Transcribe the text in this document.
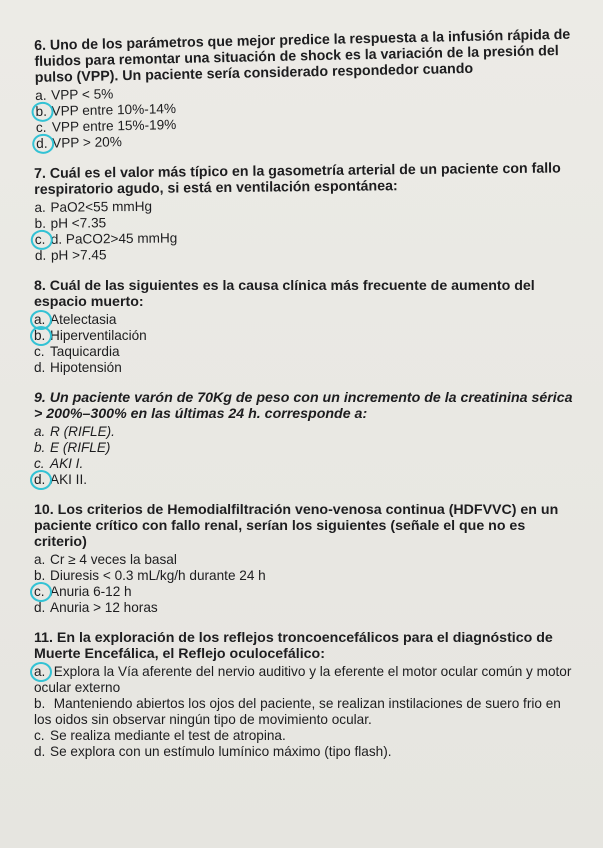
6. Uno de los parámetros que mejor predice la respuesta a la infusión rápida de fluidos para remontar una situación de shock es la variación de la presión del pulso (VPP). Un paciente sería considerado respondedor cuando
a. VPP < 5%
b. VPP entre 10%-14%
c. VPP entre 15%-19%
d. VPP > 20%
7. Cuál es el valor más típico en la gasometría arterial de un paciente con fallo respiratorio agudo, si está en ventilación espontánea:
a. PaO2<55 mmHg
b. pH <7.35
c. d. PaCO2>45 mmHg
d. pH >7.45
8. Cuál de las siguientes es la causa clínica más frecuente de aumento del espacio muerto:
a. Atelectasia
b. Hiperventilación
c. Taquicardia
d. Hipotensión
9. Un paciente varón de 70Kg de peso con un incremento de la creatinina sérica > 200%–300% en las últimas 24 h. corresponde a:
a. R (RIFLE).
b. E (RIFLE)
c. AKI I.
d. AKI II.
10. Los criterios de Hemodialfiltración veno-venosa continua (HDFVVC) en un paciente crítico con fallo renal, serían los siguientes (señale el que no es criterio)
a. Cr ≥ 4 veces la basal
b. Diuresis < 0.3 mL/kg/h durante 24 h
c. Anuria 6-12 h
d. Anuria > 12 horas
11. En la exploración de los reflejos troncoencefálicos para el diagnóstico de Muerte Encefálica, el Reflejo oculocefálico:
a. Explora la Vía aferente del nervio auditivo y la eferente el motor ocular común y motor ocular externo
b. Manteniendo abiertos los ojos del paciente, se realizan instilaciones de suero frio en los oidos sin observar ningún tipo de movimiento ocular.
c. Se realiza mediante el test de atropina.
d. Se explora con un estímulo lumínico máximo (tipo flash).
